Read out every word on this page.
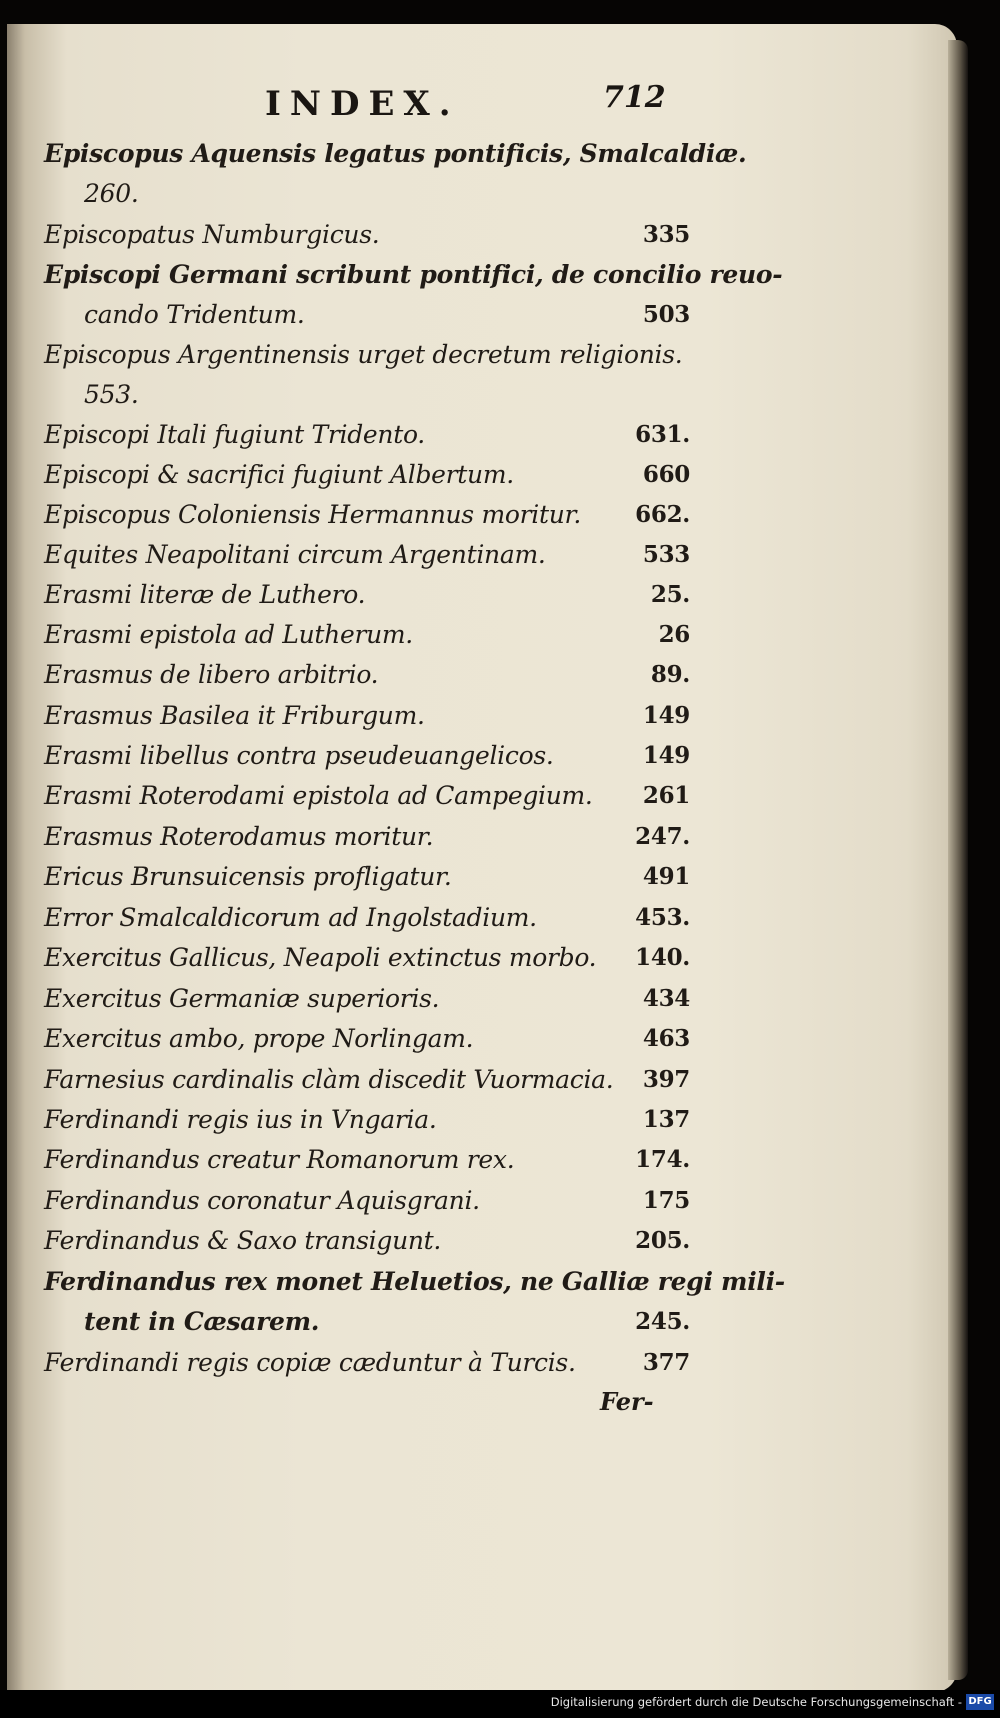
INDEX.	712
Episcopus Aquensis legatus pontificis, Smalcaldiæ.
260.
Episcopatus Numburgicus.	335
Episcopi Germani scribunt pontifici, de concilio reuo-
cando Tridentum.	503
Episcopus Argentinensis urget decretum religionis.
553.
Episcopi Itali fugiunt Tridento.	631.
Episcopi & sacrifici fugiunt Albertum.	660
Episcopus Coloniensis Hermannus moritur.	662.
Equites Neapolitani circum Argentinam.	533
Erasmi literæ de Luthero.	25.
Erasmi epistola ad Lutherum.	26
Erasmus de libero arbitrio.	89.
Erasmus Basilea it Friburgum.	149
Erasmi libellus contra pseudeuangelicos.	149
Erasmi Roterodami epistola ad Campegium.	261
Erasmus Roterodamus moritur.	247.
Ericus Brunsuicensis profligatur.	491
Error Smalcaldicorum ad Ingolstadium.	453.
Exercitus Gallicus, Neapoli extinctus morbo.	140.
Exercitus Germaniæ superioris.	434
Exercitus ambo, prope Norlingam.	463
Farnesius cardinalis clàm discedit Vuormacia.	397
Ferdinandi regis ius in Vngaria.	137
Ferdinandus creatur Romanorum rex.	174.
Ferdinandus coronatur Aquisgrani.	175
Ferdinandus & Saxo transigunt.	205.
Ferdinandus rex monet Heluetios, ne Galliæ regi mili-
tent in Cæsarem.	245.
Ferdinandi regis copiæ cæduntur à Turcis.	377
Fer-
Digitalisierung gefördert durch die Deutsche Forschungsgemeinschaft - DFG
